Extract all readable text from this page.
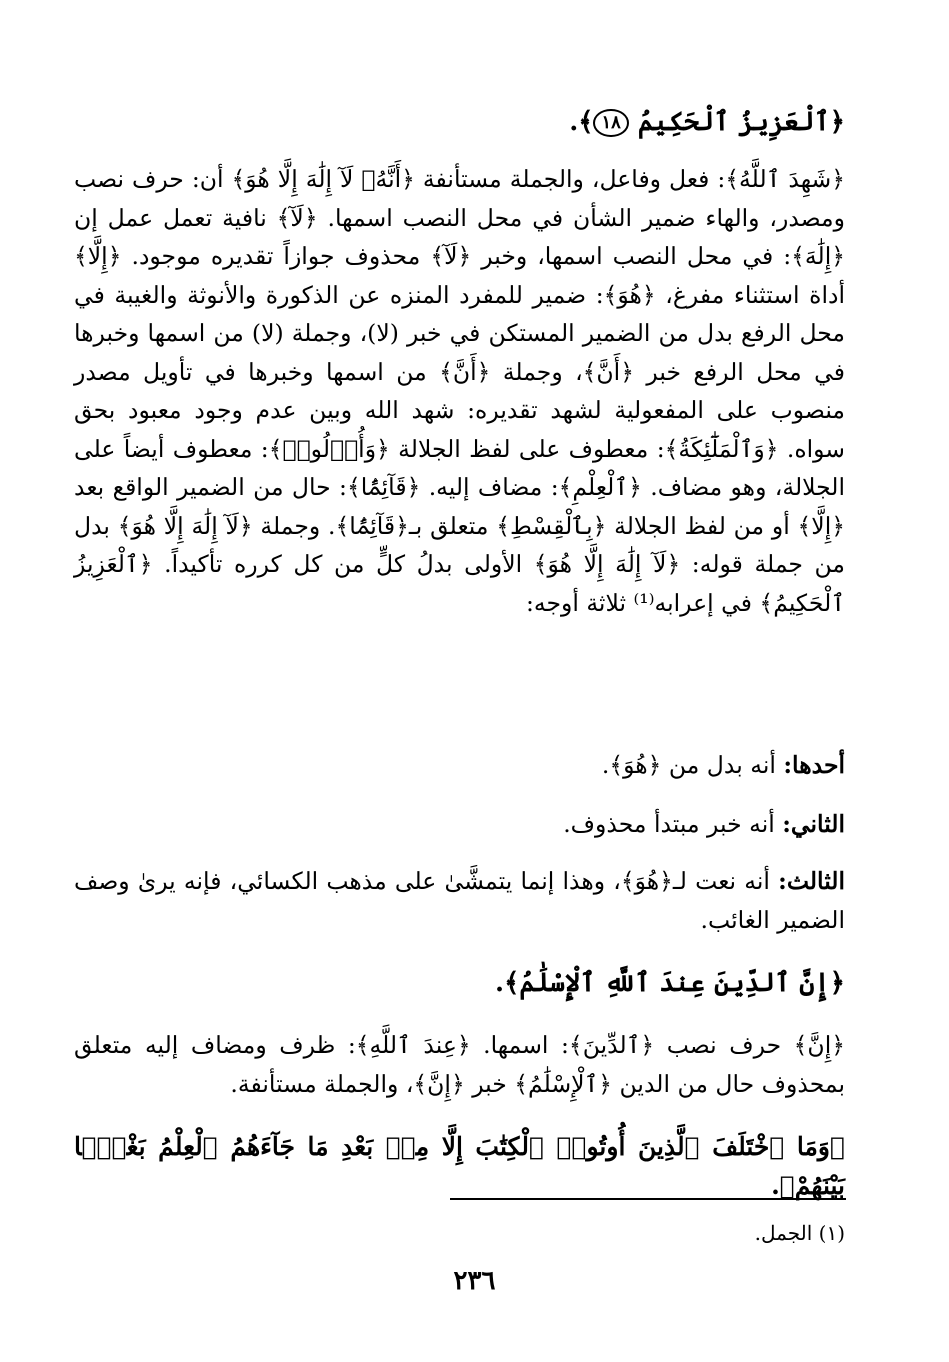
﴿ٱلْعَزِيزُ ٱلْحَكِيمُ ١٨﴾.

﴿شَهِدَ ٱللَّهُ﴾: فعل وفاعل، والجملة مستأنفة ﴿أَنَّهُۥ لَآ إِلَٰهَ إِلَّا هُوَ﴾ أن: حرف نصب ومصدر، والهاء ضمير الشأن في محل النصب اسمها. ﴿لَآ﴾ نافية تعمل عمل إن ﴿إِلَٰهَ﴾: في محل النصب اسمها، وخبر ﴿لَآ﴾ محذوف جوازاً تقديره موجود. ﴿إِلَّا﴾ أداة استثناء مفرغ، ﴿هُوَ﴾: ضمير للمفرد المنزه عن الذكورة والأنوثة والغيبة في محل الرفع بدل من الضمير المستكن في خبر (لا)، وجملة (لا) من اسمها وخبرها في محل الرفع خبر ﴿أَنَّ﴾، وجملة ﴿أَنَّ﴾ من اسمها وخبرها في تأويل مصدر منصوب على المفعولية لشهد تقديره: شهد الله وبين عدم وجود معبود بحق سواه. ﴿وَٱلْمَلَٰٓئِكَةُ﴾: معطوف على لفظ الجلالة ﴿وَأُو۟لُوا۟﴾: معطوف أيضاً على الجلالة، وهو مضاف. ﴿ٱلْعِلْمِ﴾: مضاف إليه. ﴿قَآئِمًۢا﴾: حال من الضمير الواقع بعد ﴿إِلَّا﴾ أو من لفظ الجلالة ﴿بِٱلْقِسْطِ﴾ متعلق بـ﴿قَآئِمًۢا﴾. وجملة ﴿لَآ إِلَٰهَ إِلَّا هُوَ﴾ بدل من جملة قوله: ﴿لَآ إِلَٰهَ إِلَّا هُوَ﴾ الأولى بدلُ كلٍّ من كل كرره تأكيداً. ﴿ٱلْعَزِيزُ ٱلْحَكِيمُ﴾ في إعرابه⁽¹⁾ ثلاثة أوجه:

أحدها: أنه بدل من ﴿هُوَ﴾.
الثاني: أنه خبر مبتدأ محذوف.
الثالث: أنه نعت لـ﴿هُوَ﴾، وهذا إنما يتمشَّىٰ على مذهب الكسائي، فإنه يرىٰ وصف الضمير الغائب.
﴿إِنَّ ٱلدِّينَ عِندَ ٱللَّهِ ٱلْإِسْلَٰمُ﴾.
﴿إِنَّ﴾ حرف نصب ﴿ٱلدِّينَ﴾: اسمها. ﴿عِندَ ٱللَّهِ﴾: ظرف ومضاف إليه متعلق بمحذوف حال من الدين ﴿ٱلْإِسْلَٰمُ﴾ خبر ﴿إِنَّ﴾، والجملة مستأنفة.
﴿وَمَا ٱخْتَلَفَ ٱلَّذِينَ أُوتُوا۟ ٱلْكِتَٰبَ إِلَّا مِنۢ بَعْدِ مَا جَآءَهُمُ ٱلْعِلْمُ بَغْيًۢا بَيْنَهُمْ﴾.
(١) الجمل.
٢٣٦
